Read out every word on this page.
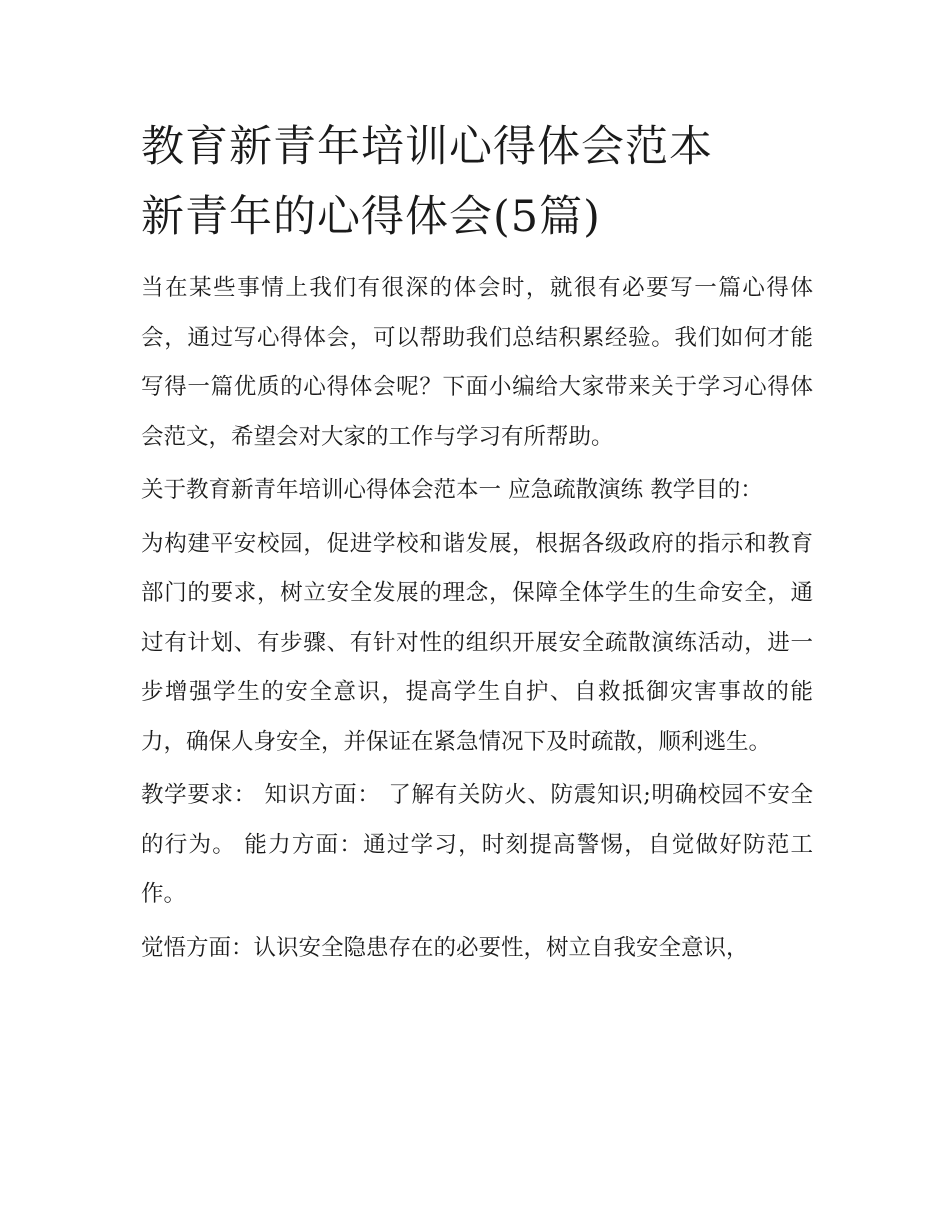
教育新青年培训心得体会范本
新青年的心得体会(5篇)

当在某些事情上我们有很深的体会时，就很有必要写一篇心得体会，通过写心得体会，可以帮助我们总结积累经验。我们如何才能写得一篇优质的心得体会呢？下面小编给大家带来关于学习心得体会范文，希望会对大家的工作与学习有所帮助。

关于教育新青年培训心得体会范本一 应急疏散演练 教学目的：

为构建平安校园，促进学校和谐发展，根据各级政府的指示和教育部门的要求，树立安全发展的理念，保障全体学生的生命安全，通过有计划、有步骤、有针对性的组织开展安全疏散演练活动，进一步增强学生的安全意识，提高学生自护、自救抵御灾害事故的能力，确保人身安全，并保证在紧急情况下及时疏散，顺利逃生。

教学要求： 知识方面： 了解有关防火、防震知识;明确校园不安全的行为。 能力方面：通过学习，时刻提高警惕，自觉做好防范工作。

觉悟方面：认识安全隐患存在的必要性，树立自我安全意识，
